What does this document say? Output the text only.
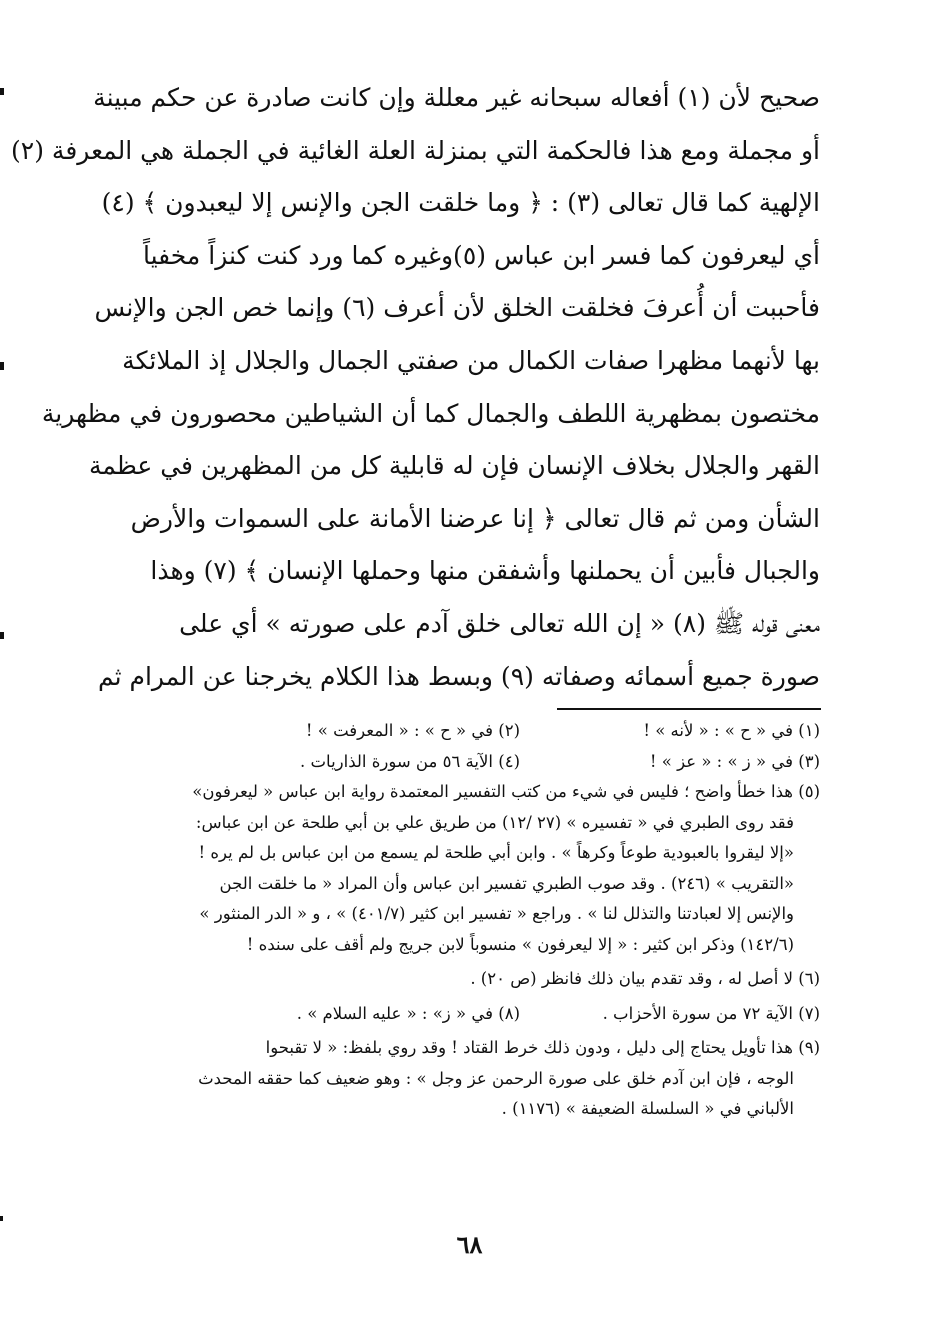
صحيح لأن (١) أفعاله سبحانه غير معللة وإن كانت صادرة عن حكم مبينة
أو مجملة ومع هذا فالحكمة التي بمنزلة العلة الغائية في الجملة هي المعرفة (٢)
الإلهية كما قال تعالى (٣) : ﴿ وما خلقت الجن والإنس إلا ليعبدون ﴾ (٤)
أي ليعرفون كما فسر ابن عباس (٥)وغيره كما ورد كنت كنزاً مخفياً
فأحببت أن أُعرفَ فخلقت الخلق لأن أعرف (٦) وإنما خص الجن والإنس
بها لأنهما مظهرا صفات الكمال من صفتي الجمال والجلال إذ الملائكة
مختصون بمظهرية اللطف والجمال كما أن الشياطين محصورون في مظهرية
القهر والجلال بخلاف الإنسان فإن له قابلية كل من المظهرين في عظمة
الشأن ومن ثم قال تعالى ﴿ إنا عرضنا الأمانة على السموات والأرض
والجبال فأبين أن يحملنها وأشفقن منها وحملها الإنسان ﴾ (٧) وهذا
معنى قوله ﷺ (٨) « إن الله تعالى خلق آدم على صورته » أي على
صورة جميع أسمائه وصفاته (٩) وبسط هذا الكلام يخرجنا عن المرام ثم
(١) في « ح » : « لأنه » !
(٢) في « ح » : « المعرفت » !
(٣) في « ز » : « عز » !
(٤) الآية ٥٦ من سورة الذاريات .
(٥) هذا خطأ واضح ؛ فليس في شيء من كتب التفسير المعتمدة رواية ابن عباس « ليعرفون»
فقد روى الطبري في « تفسيره » (٢٧ /١٢) من طريق علي بن أبي طلحة عن ابن عباس:
«إلا ليقروا بالعبودية طوعاً وكرهاً » . وابن أبي طلحة لم يسمع من ابن عباس بل لم يره !
«التقريب » (٢٤٦) . وقد صوب الطبري تفسير ابن عباس وأن المراد « ما خلقت الجن
والإنس إلا لعبادتنا والتذلل لنا » . وراجع « تفسير ابن كثير (٤٠١/٧) » ، و « الدر المنثور »
(١٤٢/٦) وذكر ابن كثير : « إلا ليعرفون » منسوباً لابن جريج ولم أقف على سنده !
(٦) لا أصل له ، وقد تقدم بيان ذلك فانظر (ص ٢٠) .
(٧) الآية ٧٢ من سورة الأحزاب .
(٨) في « ز» : « عليه السلام » .
(٩) هذا تأويل يحتاج إلى دليل ، ودون ذلك خرط القتاد ! وقد روي بلفظ: « لا تقبحوا
الوجه ، فإن ابن آدم خلق على صورة الرحمن عز وجل » : وهو ضعيف كما حققه المحدث
الألباني في « السلسلة الضعيفة » (١١٧٦) .
٦٨
